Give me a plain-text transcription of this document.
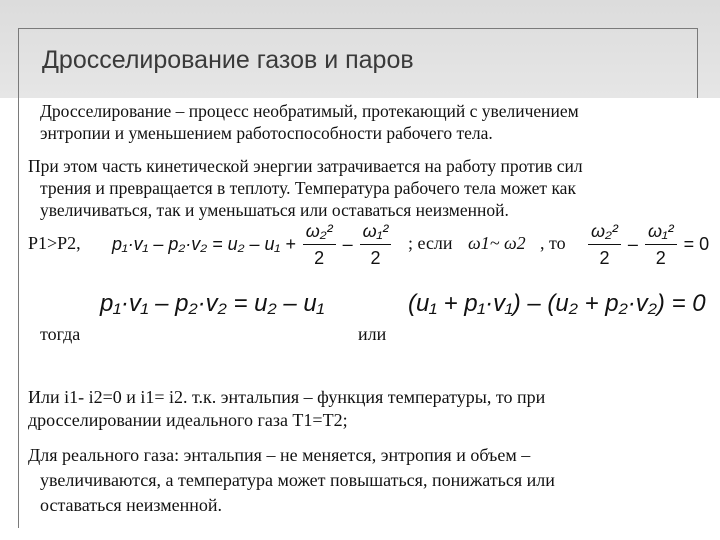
Дросселирование газов и паров
Дросселирование – процесс необратимый, протекающий с увеличением
энтропии и уменьшением работоспособности рабочего тела.
При этом часть кинетической энергии затрачивается на работу против сил
трения и превращается в теплоту. Температура рабочего тела может как
увеличиваться, так и уменьшаться или оставаться неизменной.
P1>P2, $p_1\cdot v_1 - p_2\cdot v_2 = u_2 - u_1 + \frac{\text{ω₂²}}{2} - \frac{\text{ω₁²}}{2}$ ; если ω1~ ω2 , то $\frac{\text{ω₂²}}{2} - \frac{\text{ω₁²}}{2} = 0$
p₁·v₁ – p₂·v₂ = u₂ – u₁	(u₁ + p₁·v₁) – (u₂ + p₂·v₂) = 0
тогда	или
Или i1- i2=0 и i1= i2. т.к. энтальпия – функция температуры, то при
дросселировании идеального газа T1=T2;
Для реального газа: энтальпия – не меняется, энтропия и объем –
увеличиваются, а температура может повышаться, понижаться или
оставаться неизменной.
